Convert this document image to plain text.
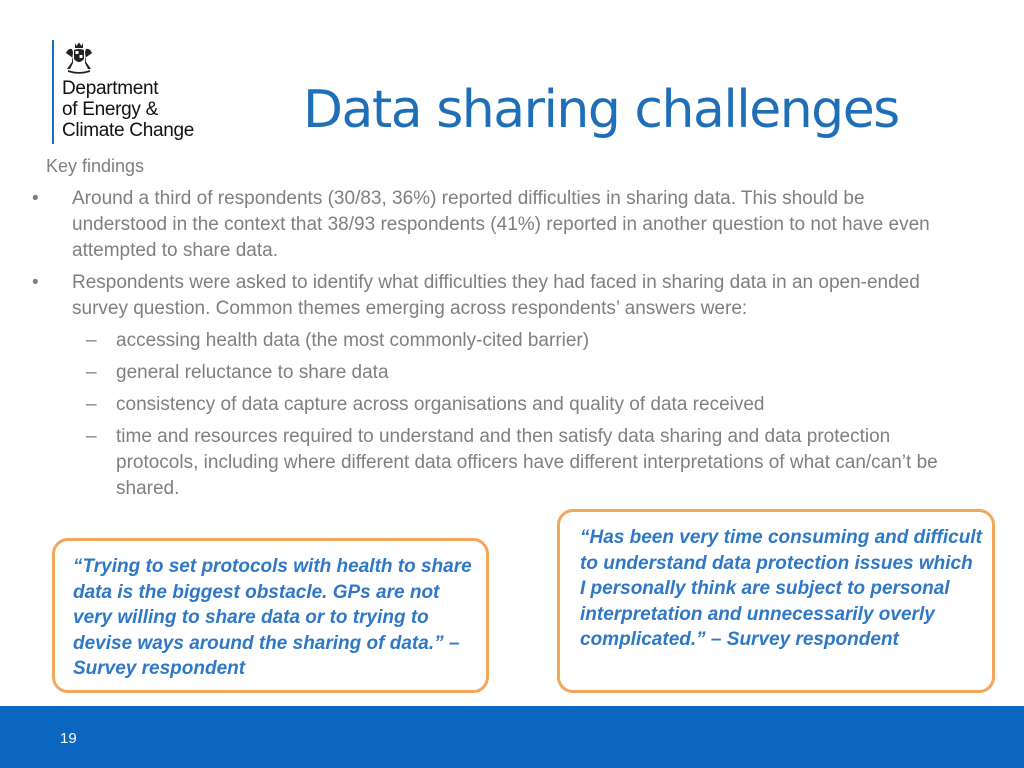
Department
of Energy &
Climate Change	Data sharing challenges
Key findings
• Around a third of respondents (30/83, 36%) reported difficulties in sharing data. This should be understood in the context that 38/93 respondents (41%) reported in another question to not have even attempted to share data.
• Respondents were asked to identify what difficulties they had faced in sharing data in an open-ended survey question. Common themes emerging across respondents’ answers were:
– accessing health data (the most commonly-cited barrier)
– general reluctance to share data
– consistency of data capture across organisations and quality of data received
– time and resources required to understand and then satisfy data sharing and data protection protocols, including where different data officers have different interpretations of what can/can’t be shared.
“Trying to set protocols with health to share data is the biggest obstacle. GPs are not very willing to share data or to trying to devise ways around the sharing of data.” – Survey respondent
“Has been very time consuming and difficult to understand data protection issues which I personally think are subject to personal interpretation and unnecessarily overly complicated.” – Survey respondent
19
